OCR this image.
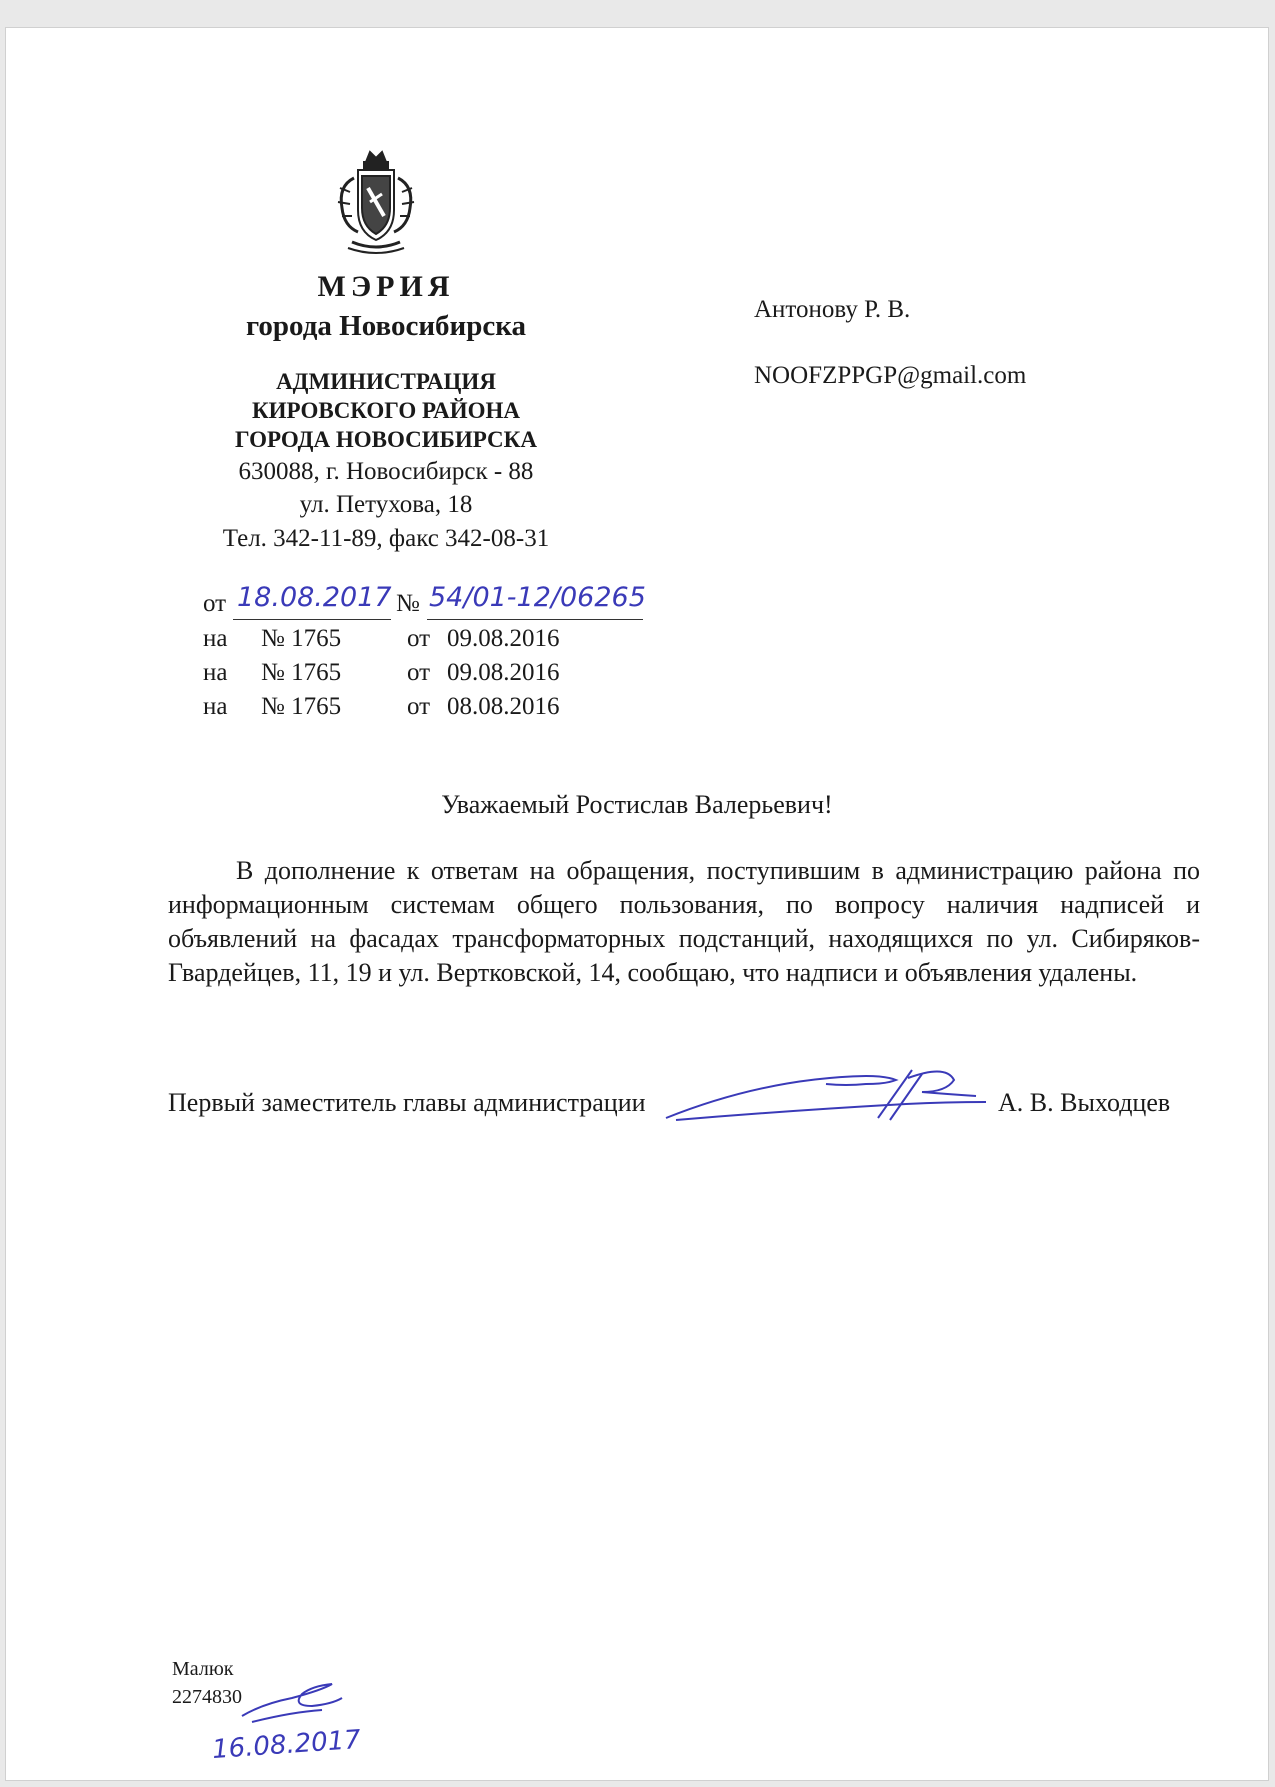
МЭРИЯ
города Новосибирска
АДМИНИСТРАЦИЯ
КИРОВСКОГО РАЙОНА
ГОРОДА НОВОСИБИРСКА
630088, г. Новосибирск - 88
ул. Петухова, 18
Тел. 342-11-89, факс 342-08-31
Антонову Р. В.
NOOFZPPGP@gmail.com
от 18.08.2017 № 54/01-12/06265
на № 1765	от 09.08.2016
на № 1765	от 09.08.2016
на № 1765	от 08.08.2016
Уважаемый Ростислав Валерьевич!
В дополнение к ответам на обращения, поступившим в администрацию района по информационным системам общего пользования, по вопросу наличия надписей и объявлений на фасадах трансформаторных подстанций, находящихся по ул. Сибиряков-Гвардейцев, 11, 19 и ул. Вертковской, 14, сообщаю, что надписи и объявления удалены.
Первый заместитель главы администрации	А. В. Выходцев
Малюк
2274830
16.08.2017
